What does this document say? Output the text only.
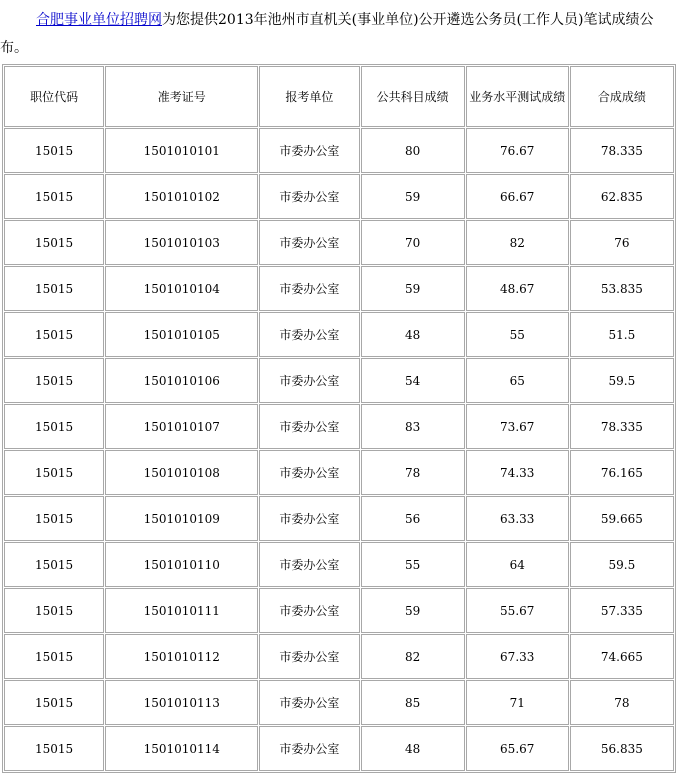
合肥事业单位招聘网为您提供2013年池州市直机关(事业单位)公开遴选公务员(工作人员)笔试成绩公布。

职位代码	准考证号	报考单位	公共科目成绩	业务水平测试成绩	合成成绩
15015	1501010101	市委办公室	80	76.67	78.335
15015	1501010102	市委办公室	59	66.67	62.835
15015	1501010103	市委办公室	70	82	76
15015	1501010104	市委办公室	59	48.67	53.835
15015	1501010105	市委办公室	48	55	51.5
15015	1501010106	市委办公室	54	65	59.5
15015	1501010107	市委办公室	83	73.67	78.335
15015	1501010108	市委办公室	78	74.33	76.165
15015	1501010109	市委办公室	56	63.33	59.665
15015	1501010110	市委办公室	55	64	59.5
15015	1501010111	市委办公室	59	55.67	57.335
15015	1501010112	市委办公室	82	67.33	74.665
15015	1501010113	市委办公室	85	71	78
15015	1501010114	市委办公室	48	65.67	56.835
